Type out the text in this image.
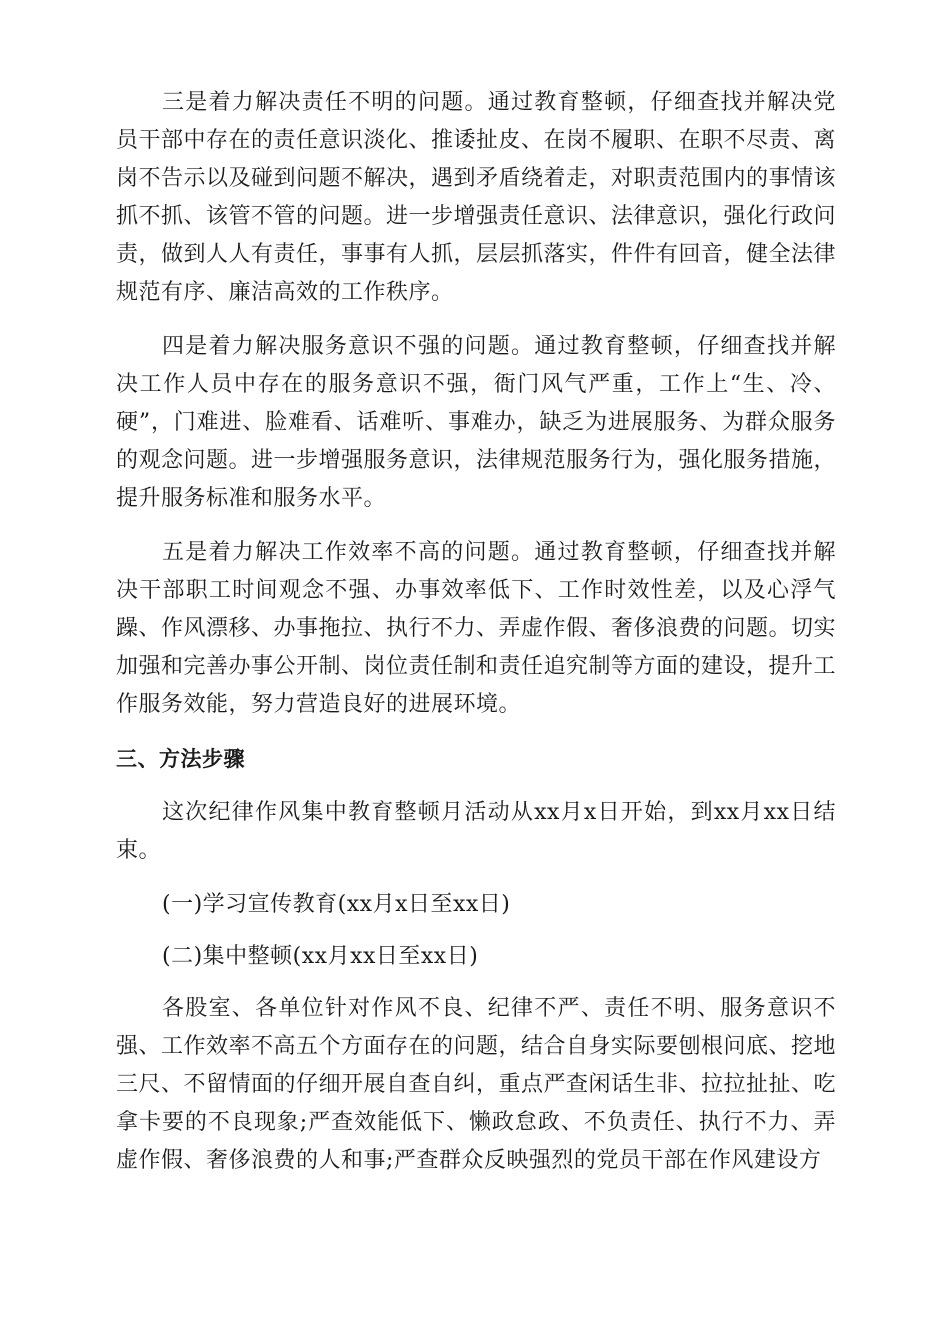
三是着力解决责任不明的问题。通过教育整顿，仔细查找并解决党员干部中存在的责任意识淡化、推诿扯皮、在岗不履职、在职不尽责、离岗不告示以及碰到问题不解决，遇到矛盾绕着走，对职责范围内的事情该抓不抓、该管不管的问题。进一步增强责任意识、法律意识，强化行政问责，做到人人有责任，事事有人抓，层层抓落实，件件有回音，健全法律规范有序、廉洁高效的工作秩序。

四是着力解决服务意识不强的问题。通过教育整顿，仔细查找并解决工作人员中存在的服务意识不强，衙门风气严重，工作上“生、冷、硬”，门难进、脸难看、话难听、事难办，缺乏为进展服务、为群众服务的观念问题。进一步增强服务意识，法律规范服务行为，强化服务措施，提升服务标准和服务水平。

五是着力解决工作效率不高的问题。通过教育整顿，仔细查找并解决干部职工时间观念不强、办事效率低下、工作时效性差，以及心浮气躁、作风漂移、办事拖拉、执行不力、弄虚作假、奢侈浪费的问题。切实加强和完善办事公开制、岗位责任制和责任追究制等方面的建设，提升工作服务效能，努力营造良好的进展环境。

三、方法步骤

这次纪律作风集中教育整顿月活动从xx月x日开始，到xx月xx日结束。

(一)学习宣传教育(xx月x日至xx日)

(二)集中整顿(xx月xx日至xx日)

各股室、各单位针对作风不良、纪律不严、责任不明、服务意识不强、工作效率不高五个方面存在的问题，结合自身实际要刨根问底、挖地三尺、不留情面的仔细开展自查自纠，重点严查闲话生非、拉拉扯扯、吃拿卡要的不良现象;严查效能低下、懒政怠政、不负责任、执行不力、弄虚作假、奢侈浪费的人和事;严查群众反映强烈的党员干部在作风建设方
